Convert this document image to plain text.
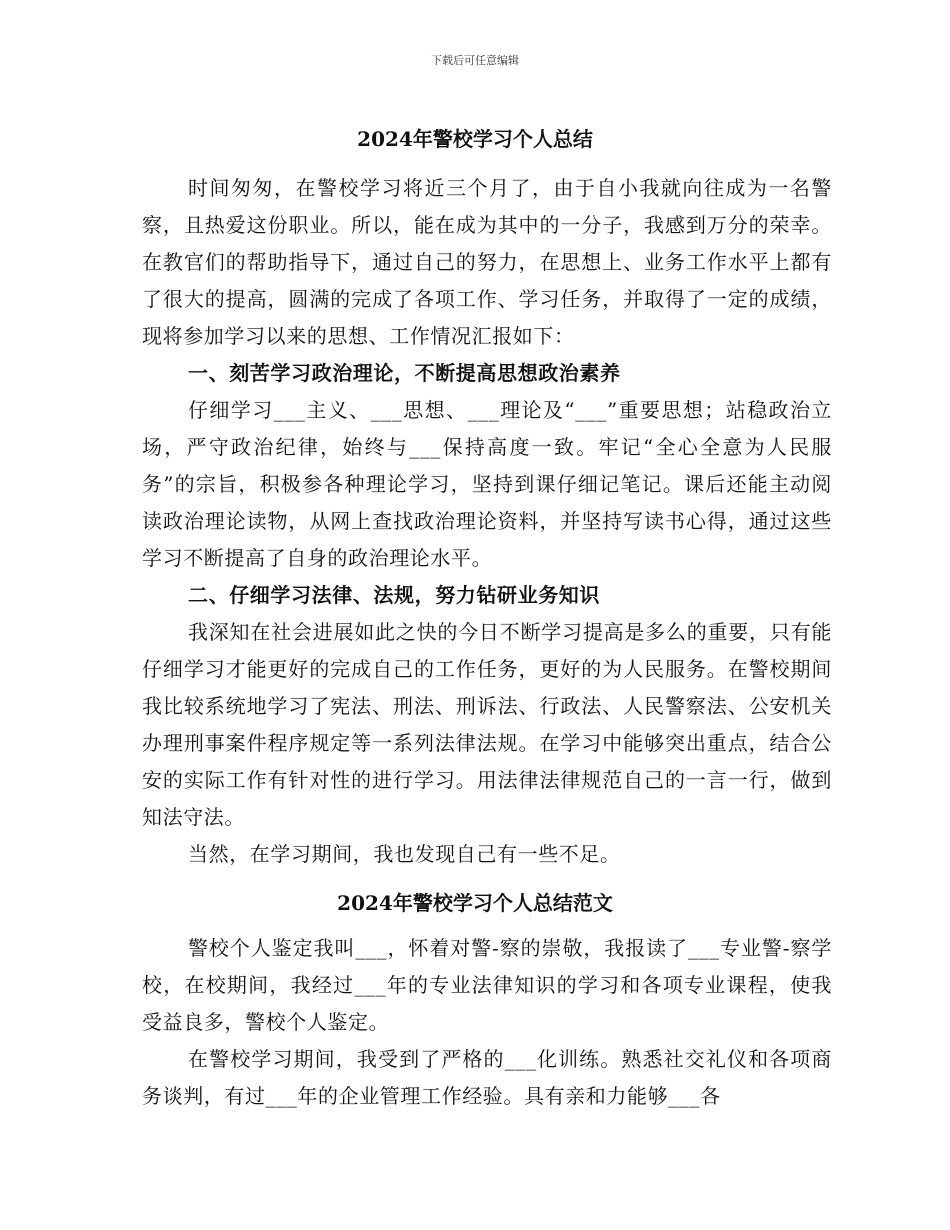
下载后可任意编辑
2024年警校学习个人总结

时间匆匆，在警校学习将近三个月了，由于自小我就向往成为一名警察，且热爱这份职业。所以，能在成为其中的一分子，我感到万分的荣幸。在教官们的帮助指导下，通过自己的努力，在思想上、业务工作水平上都有了很大的提高，圆满的完成了各项工作、学习任务，并取得了一定的成绩，现将参加学习以来的思想、工作情况汇报如下：

一、刻苦学习政治理论，不断提高思想政治素养

仔细学习___主义、___思想、___理论及“___”重要思想；站稳政治立场，严守政治纪律，始终与___保持高度一致。牢记“全心全意为人民服务”的宗旨，积极参各种理论学习，坚持到课仔细记笔记。课后还能主动阅读政治理论读物，从网上查找政治理论资料，并坚持写读书心得，通过这些学习不断提高了自身的政治理论水平。

二、仔细学习法律、法规，努力钻研业务知识

我深知在社会进展如此之快的今日不断学习提高是多么的重要，只有能仔细学习才能更好的完成自己的工作任务，更好的为人民服务。在警校期间我比较系统地学习了宪法、刑法、刑诉法、行政法、人民警察法、公安机关办理刑事案件程序规定等一系列法律法规。在学习中能够突出重点，结合公安的实际工作有针对性的进行学习。用法律法律规范自己的一言一行，做到知法守法。

当然，在学习期间，我也发现自己有一些不足。

2024年警校学习个人总结范文

警校个人鉴定我叫___，怀着对警-察的崇敬，我报读了___专业警-察学校，在校期间，我经过___年的专业法律知识的学习和各项专业课程，使我受益良多，警校个人鉴定。

在警校学习期间，我受到了严格的___化训练。熟悉社交礼仪和各项商务谈判，有过___年的企业管理工作经验。具有亲和力能够___各
